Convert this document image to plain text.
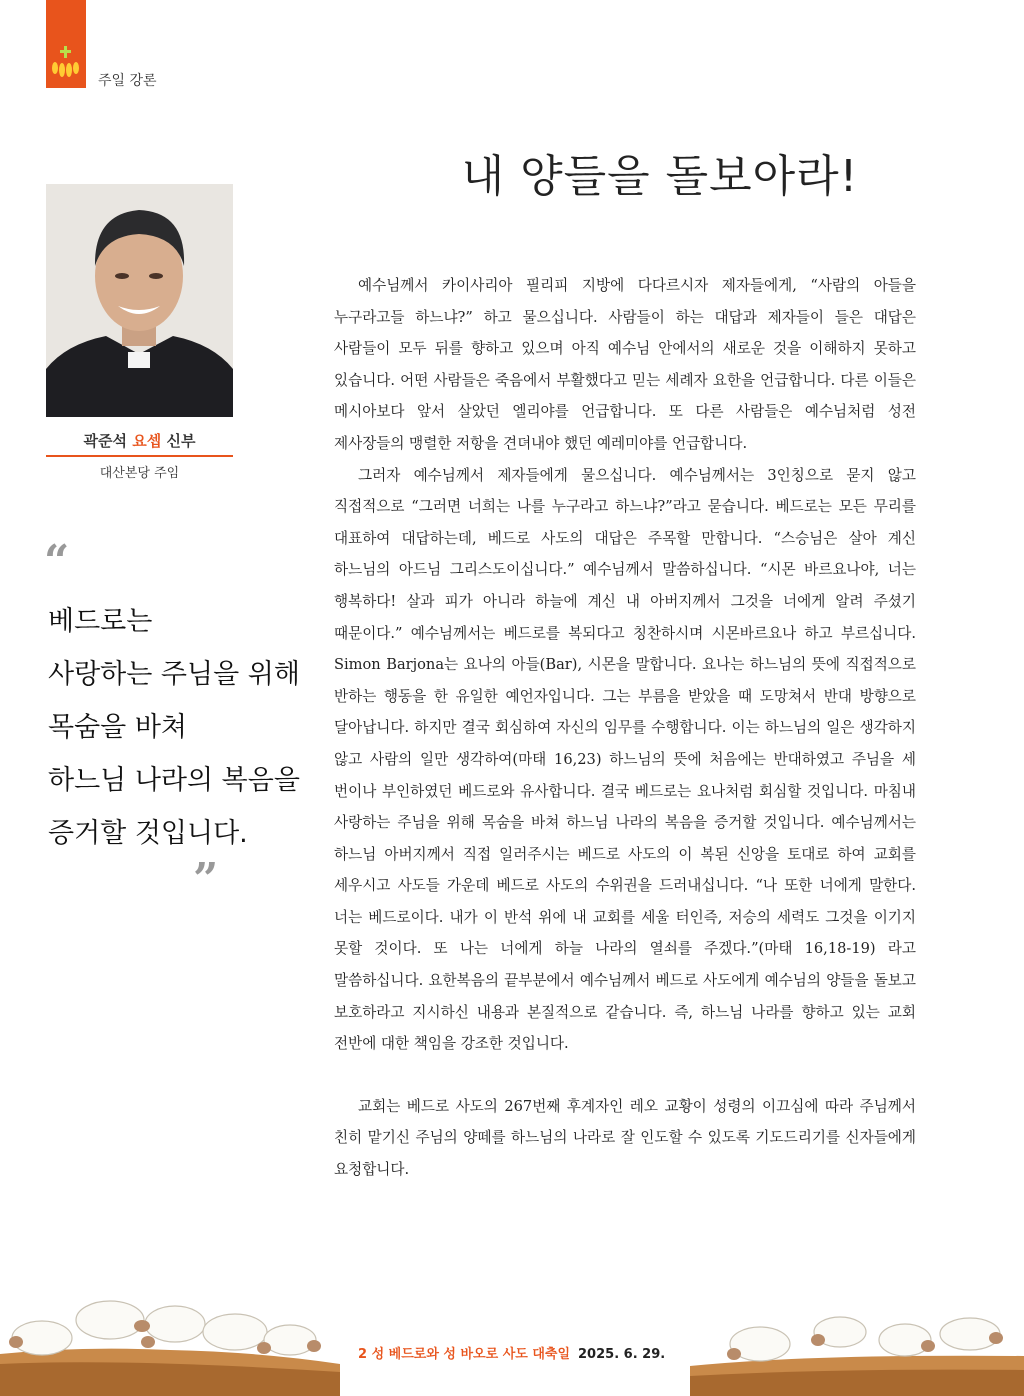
주일 강론
내 양들을 돌보아라!
곽준석 요셉 신부
대산본당 주임
“
베드로는
사랑하는 주님을 위해
목숨을 바쳐
하느님 나라의 복음을
증거할 것입니다.
”

예수님께서 카이사리아 필리피 지방에 다다르시자 제자들에게, “사람의 아들을 누구라고들 하느냐?” 하고 물으십니다. 사람들이 하는 대답과 제자들이 들은 대답은 사람들이 모두 뒤를 향하고 있으며 아직 예수님 안에서의 새로운 것을 이해하지 못하고 있습니다. 어떤 사람들은 죽음에서 부활했다고 믿는 세례자 요한을 언급합니다. 다른 이들은 메시아보다 앞서 살았던 엘리야를 언급합니다. 또 다른 사람들은 예수님처럼 성전 제사장들의 맹렬한 저항을 견뎌내야 했던 예레미야를 언급합니다.

그러자 예수님께서 제자들에게 물으십니다. 예수님께서는 3인칭으로 묻지 않고 직접적으로 “그러면 너희는 나를 누구라고 하느냐?”라고 묻습니다. 베드로는 모든 무리를 대표하여 대답하는데, 베드로 사도의 대답은 주목할 만합니다. “스승님은 살아 계신 하느님의 아드님 그리스도이십니다.” 예수님께서 말씀하십니다. “시몬 바르요나야, 너는 행복하다! 살과 피가 아니라 하늘에 계신 내 아버지께서 그것을 너에게 알려 주셨기 때문이다.” 예수님께서는 베드로를 복되다고 칭찬하시며 시몬바르요나 하고 부르십니다. Simon Barjona는 요나의 아들(Bar), 시몬을 말합니다. 요나는 하느님의 뜻에 직접적으로 반하는 행동을 한 유일한 예언자입니다. 그는 부름을 받았을 때 도망쳐서 반대 방향으로 달아납니다. 하지만 결국 회심하여 자신의 임무를 수행합니다. 이는 하느님의 일은 생각하지 않고 사람의 일만 생각하여(마태 16,23) 하느님의 뜻에 처음에는 반대하였고 주님을 세 번이나 부인하였던 베드로와 유사합니다. 결국 베드로는 요나처럼 회심할 것입니다. 마침내 사랑하는 주님을 위해 목숨을 바쳐 하느님 나라의 복음을 증거할 것입니다. 예수님께서는 하느님 아버지께서 직접 일러주시는 베드로 사도의 이 복된 신앙을 토대로 하여 교회를 세우시고 사도들 가운데 베드로 사도의 수위권을 드러내십니다. “나 또한 너에게 말한다. 너는 베드로이다. 내가 이 반석 위에 내 교회를 세울 터인즉, 저승의 세력도 그것을 이기지 못할 것이다. 또 나는 너에게 하늘 나라의 열쇠를 주겠다.”(마태 16,18-19) 라고 말씀하십니다. 요한복음의 끝부분에서 예수님께서 베드로 사도에게 예수님의 양들을 돌보고 보호하라고 지시하신 내용과 본질적으로 같습니다. 즉, 하느님 나라를 향하고 있는 교회 전반에 대한 책임을 강조한 것입니다.

교회는 베드로 사도의 267번째 후계자인 레오 교황이 성령의 이끄심에 따라 주님께서 친히 맡기신 주님의 양떼를 하느님의 나라로 잘 인도할 수 있도록 기도드리기를 신자들에게 요청합니다.

2 성 베드로와 성 바오로 사도 대축일 2025. 6. 29.
